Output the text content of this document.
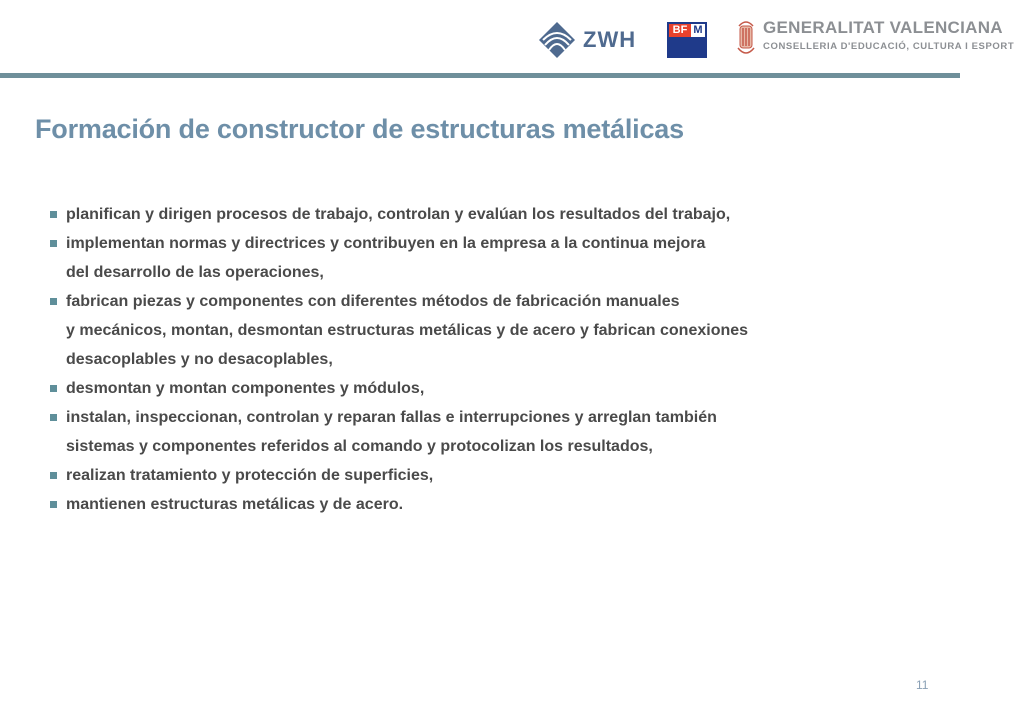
ZWH	BF M	GENERALITAT VALENCIANA
CONSELLERIA D'EDUCACIÓ, CULTURA I ESPORT
Formación de constructor de estructuras metálicas
planifican y dirigen procesos de trabajo, controlan y evalúan los resultados del trabajo,
implementan normas y directrices y contribuyen en la empresa a la continua mejora
del desarrollo de las operaciones,
fabrican piezas y componentes con diferentes métodos de fabricación manuales
y mecánicos, montan, desmontan estructuras metálicas y de acero y fabrican conexiones
desacoplables y no desacoplables,
desmontan y montan componentes y módulos,
instalan, inspeccionan, controlan y reparan fallas e interrupciones y arreglan también
sistemas y componentes referidos al comando y protocolizan los resultados,
realizan tratamiento y protección de superficies,
mantienen estructuras metálicas y de acero.
11
